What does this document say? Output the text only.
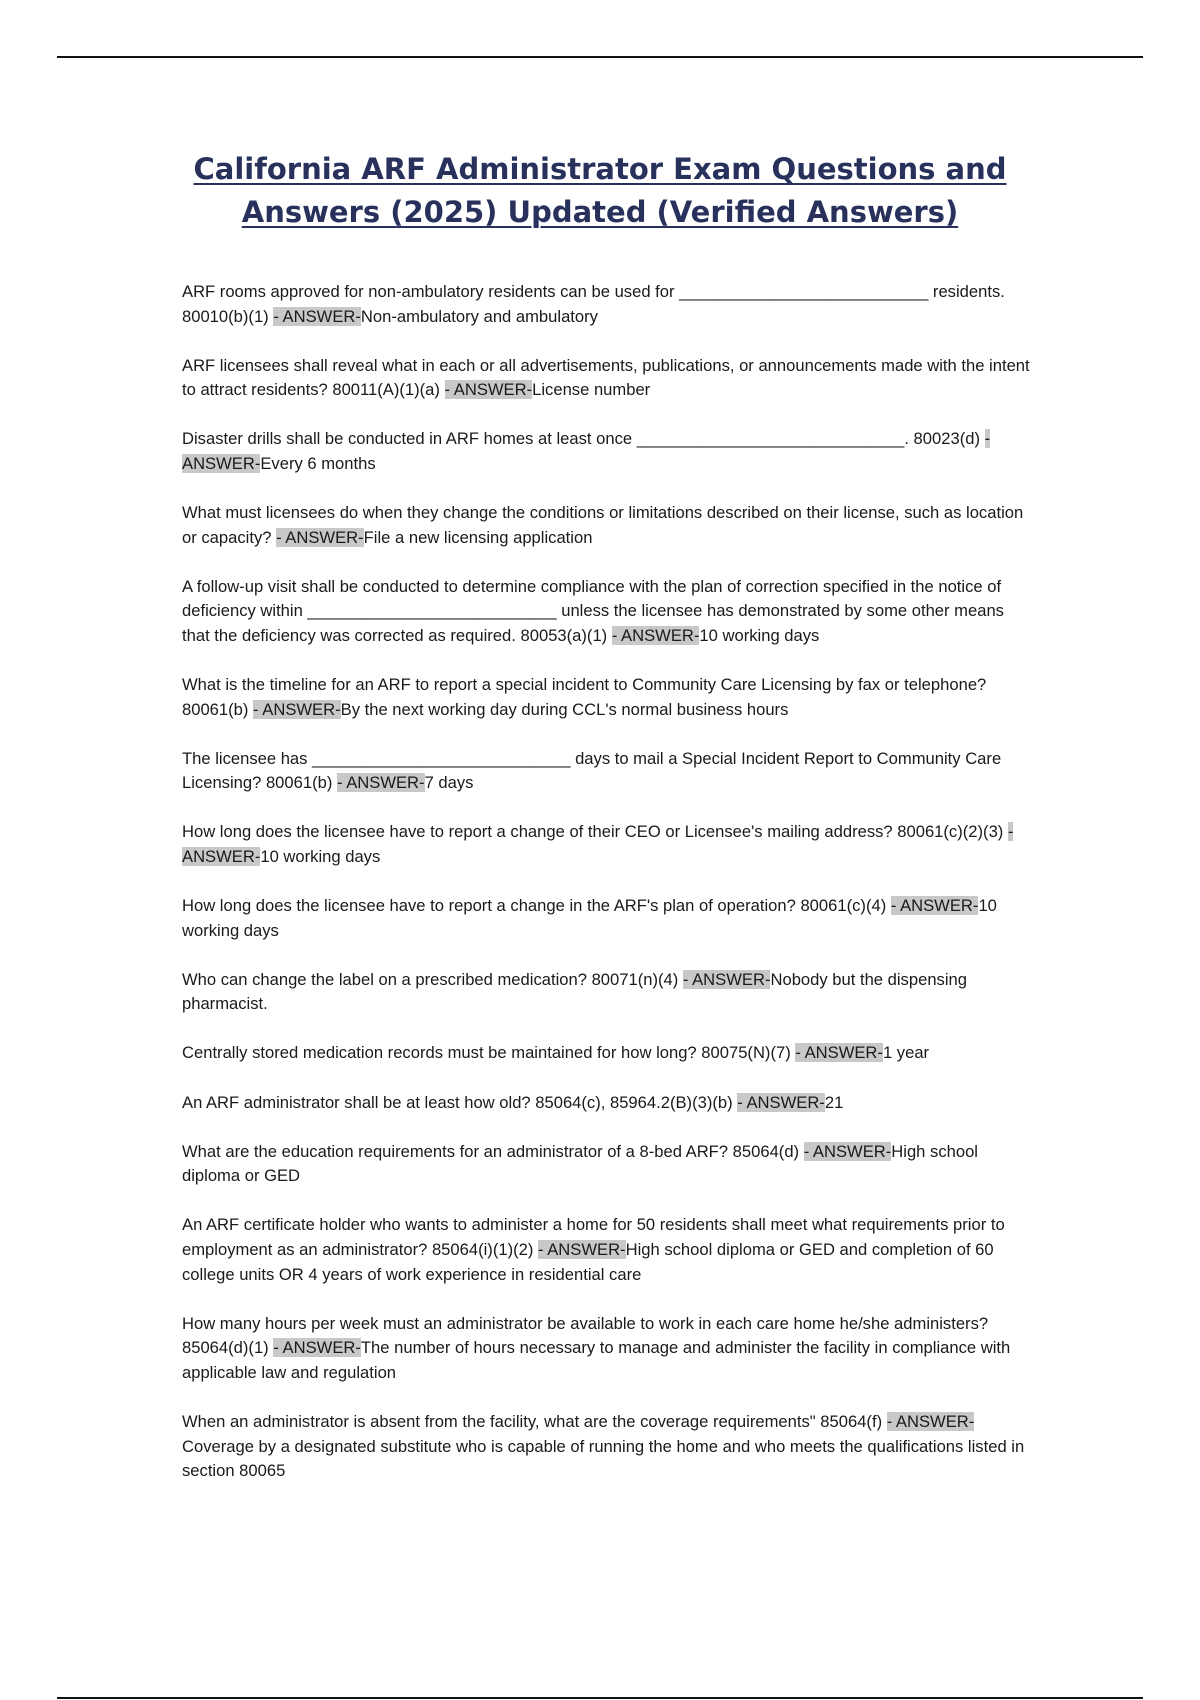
California ARF Administrator Exam Questions and Answers (2025) Updated (Verified Answers)
ARF rooms approved for non-ambulatory residents can be used for ___________________________ residents. 80010(b)(1) - ANSWER-Non-ambulatory and ambulatory
ARF licensees shall reveal what in each or all advertisements, publications, or announcements made with the intent to attract residents? 80011(A)(1)(a) - ANSWER-License number
Disaster drills shall be conducted in ARF homes at least once _____________________________. 80023(d) - ANSWER-Every 6 months
What must licensees do when they change the conditions or limitations described on their license, such as location or capacity? - ANSWER-File a new licensing application
A follow-up visit shall be conducted to determine compliance with the plan of correction specified in the notice of deficiency within ___________________________ unless the licensee has demonstrated by some other means that the deficiency was corrected as required. 80053(a)(1) - ANSWER-10 working days
What is the timeline for an ARF to report a special incident to Community Care Licensing by fax or telephone? 80061(b) - ANSWER-By the next working day during CCL's normal business hours
The licensee has ____________________________ days to mail a Special Incident Report to Community Care Licensing? 80061(b) - ANSWER-7 days
How long does the licensee have to report a change of their CEO or Licensee's mailing address? 80061(c)(2)(3) - ANSWER-10 working days
How long does the licensee have to report a change in the ARF's plan of operation? 80061(c)(4) - ANSWER-10 working days
Who can change the label on a prescribed medication? 80071(n)(4) - ANSWER-Nobody but the dispensing pharmacist.
Centrally stored medication records must be maintained for how long? 80075(N)(7) - ANSWER-1 year
An ARF administrator shall be at least how old? 85064(c), 85964.2(B)(3)(b) - ANSWER-21
What are the education requirements for an administrator of a 8-bed ARF? 85064(d) - ANSWER-High school diploma or GED
An ARF certificate holder who wants to administer a home for 50 residents shall meet what requirements prior to employment as an administrator? 85064(i)(1)(2) - ANSWER-High school diploma or GED and completion of 60 college units OR 4 years of work experience in residential care
How many hours per week must an administrator be available to work in each care home he/she administers? 85064(d)(1) - ANSWER-The number of hours necessary to manage and administer the facility in compliance with applicable law and regulation
When an administrator is absent from the facility, what are the coverage requirements" 85064(f) - ANSWER-Coverage by a designated substitute who is capable of running the home and who meets the qualifications listed in section 80065
